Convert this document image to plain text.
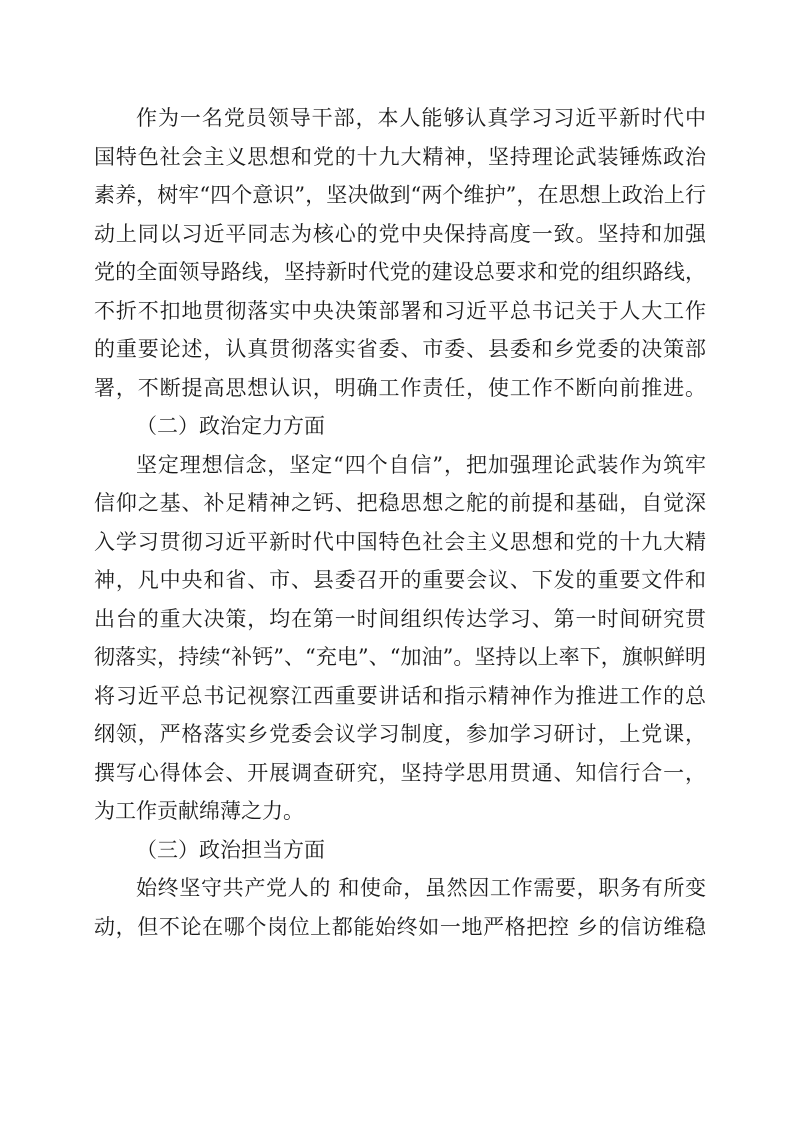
作为一名党员领导干部，本人能够认真学习习近平新时代中
国特色社会主义思想和党的十九大精神，坚持理论武装锤炼政治
素养，树牢“四个意识”，坚决做到“两个维护”，在思想上政治上行
动上同以习近平同志为核心的党中央保持高度一致。坚持和加强
党的全面领导路线，坚持新时代党的建设总要求和党的组织路线，
不折不扣地贯彻落实中央决策部署和习近平总书记关于人大工作
的重要论述，认真贯彻落实省委、市委、县委和乡党委的决策部
署，不断提高思想认识，明确工作责任，使工作不断向前推进。
（二）政治定力方面
坚定理想信念，坚定“四个自信”，把加强理论武装作为筑牢
信仰之基、补足精神之钙、把稳思想之舵的前提和基础，自觉深
入学习贯彻习近平新时代中国特色社会主义思想和党的十九大精
神，凡中央和省、市、县委召开的重要会议、下发的重要文件和
出台的重大决策，均在第一时间组织传达学习、第一时间研究贯
彻落实，持续“补钙”、“充电”、“加油”。坚持以上率下，旗帜鲜明
将习近平总书记视察江西重要讲话和指示精神作为推进工作的总
纲领，严格落实乡党委会议学习制度，参加学习研讨，上党课，
撰写心得体会、开展调查研究，坚持学思用贯通、知信行合一，
为工作贡献绵薄之力。
（三）政治担当方面
始终坚守共产党人的 和使命，虽然因工作需要，职务有所变
动，但不论在哪个岗位上都能始终如一地严格把控 乡的信访维稳
